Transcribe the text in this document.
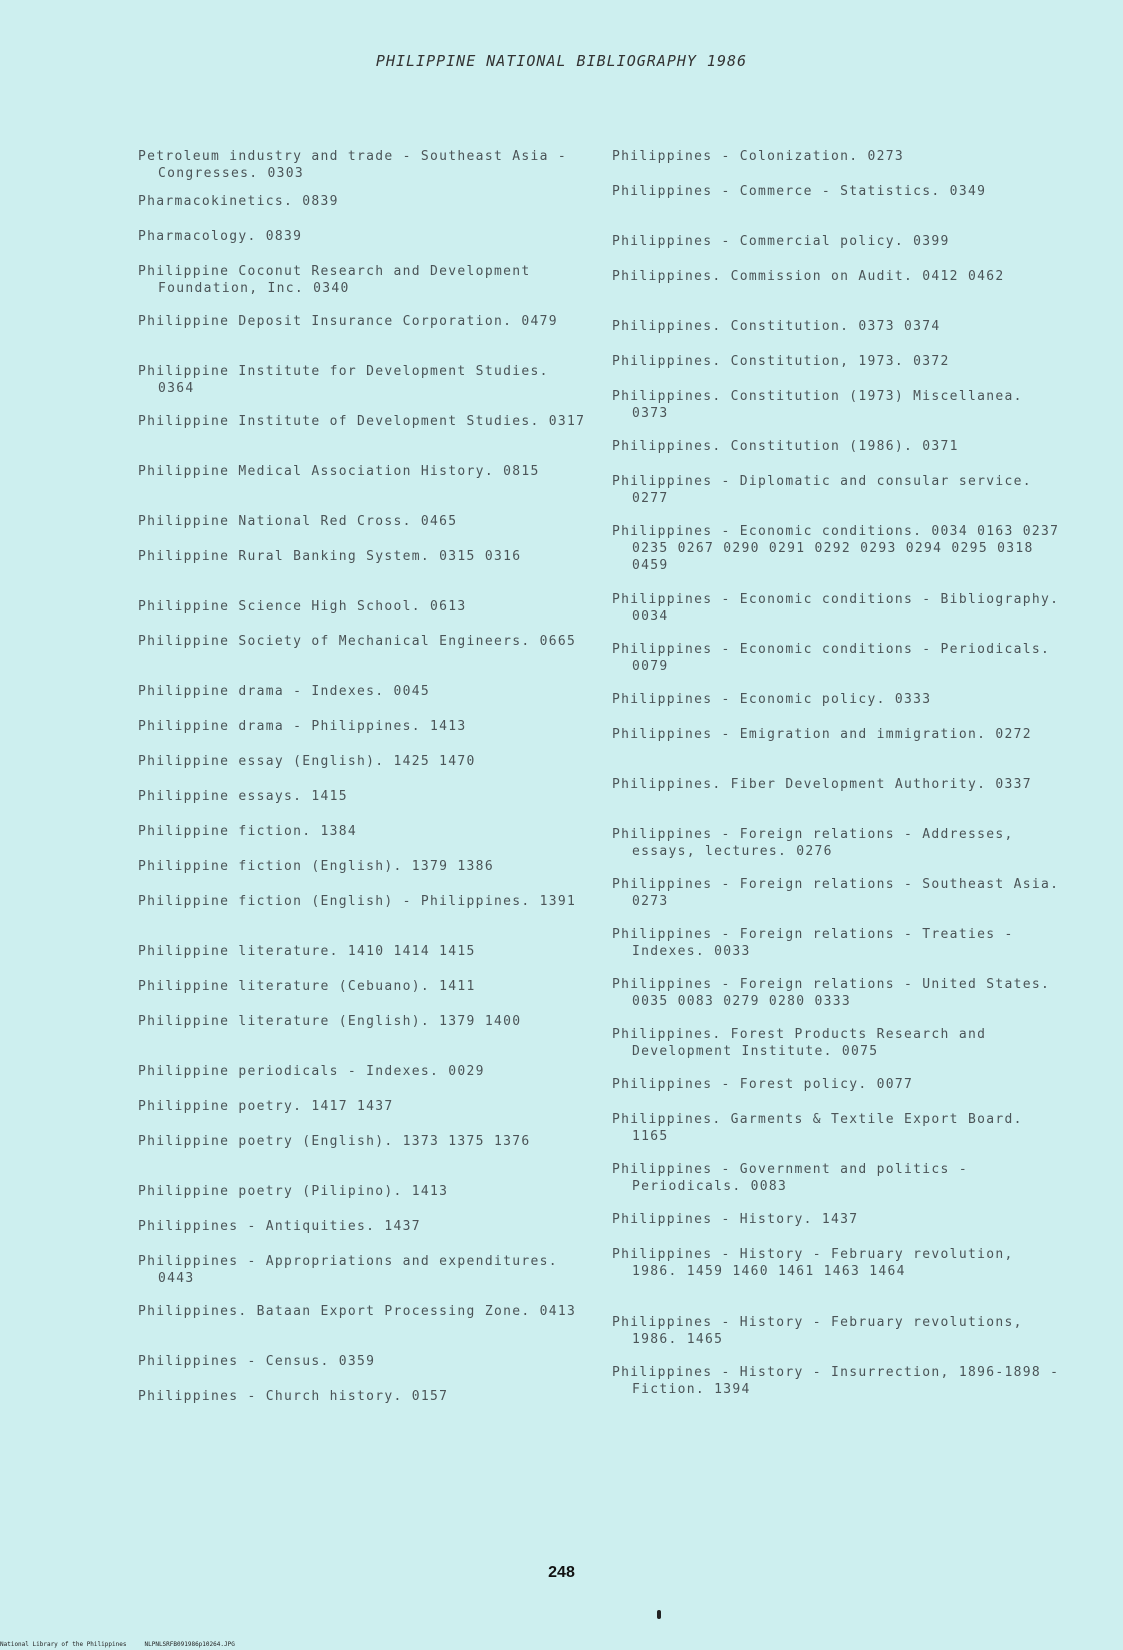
PHILIPPINE NATIONAL BIBLIOGRAPHY 1986
Petroleum industry and trade - Southeast Asia - Congresses. 0303
Pharmacokinetics. 0839
Pharmacology. 0839
Philippine Coconut Research and Development Foundation, Inc. 0340
Philippine Deposit Insurance Corporation. 0479
Philippine Institute for Development Studies. 0364
Philippine Institute of Development Studies. 0317
Philippine Medical Association History. 0815
Philippine National Red Cross. 0465
Philippine Rural Banking System. 0315 0316
Philippine Science High School. 0613
Philippine Society of Mechanical Engineers. 0665
Philippine drama - Indexes. 0045
Philippine drama - Philippines. 1413
Philippine essay (English). 1425 1470
Philippine essays. 1415
Philippine fiction. 1384
Philippine fiction (English). 1379 1386
Philippine fiction (English) - Philippines. 1391
Philippine literature. 1410 1414 1415
Philippine literature (Cebuano). 1411
Philippine literature (English). 1379 1400
Philippine periodicals - Indexes. 0029
Philippine poetry. 1417 1437
Philippine poetry (English). 1373 1375 1376
Philippine poetry (Pilipino). 1413
Philippines - Antiquities. 1437
Philippines - Appropriations and expenditures. 0443
Philippines. Bataan Export Processing Zone. 0413
Philippines - Census. 0359
Philippines - Church history. 0157
Philippines - Colonization. 0273
Philippines - Commerce - Statistics. 0349
Philippines - Commercial policy. 0399
Philippines. Commission on Audit. 0412 0462
Philippines. Constitution. 0373 0374
Philippines. Constitution, 1973. 0372
Philippines. Constitution (1973) Miscellanea. 0373
Philippines. Constitution (1986). 0371
Philippines - Diplomatic and consular service. 0277
Philippines - Economic conditions. 0034 0163 0237 0235 0267 0290 0291 0292 0293 0294 0295 0318 0459
Philippines - Economic conditions - Bibliography. 0034
Philippines - Economic conditions - Periodicals. 0079
Philippines - Economic policy. 0333
Philippines - Emigration and immigration. 0272
Philippines. Fiber Development Authority. 0337
Philippines - Foreign relations - Addresses, essays, lectures. 0276
Philippines - Foreign relations - Southeast Asia. 0273
Philippines - Foreign relations - Treaties - Indexes. 0033
Philippines - Foreign relations - United States. 0035 0083 0279 0280 0333
Philippines. Forest Products Research and Development Institute. 0075
Philippines - Forest policy. 0077
Philippines. Garments & Textile Export Board. 1165
Philippines - Government and politics - Periodicals. 0083
Philippines - History. 1437
Philippines - History - February revolution, 1986. 1459 1460 1461 1463 1464
Philippines - History - February revolutions, 1986. 1465
Philippines - History - Insurrection, 1896-1898 - Fiction. 1394
248
National Library of the Philippines     NLPNLSRFB091986p10264.JPG
